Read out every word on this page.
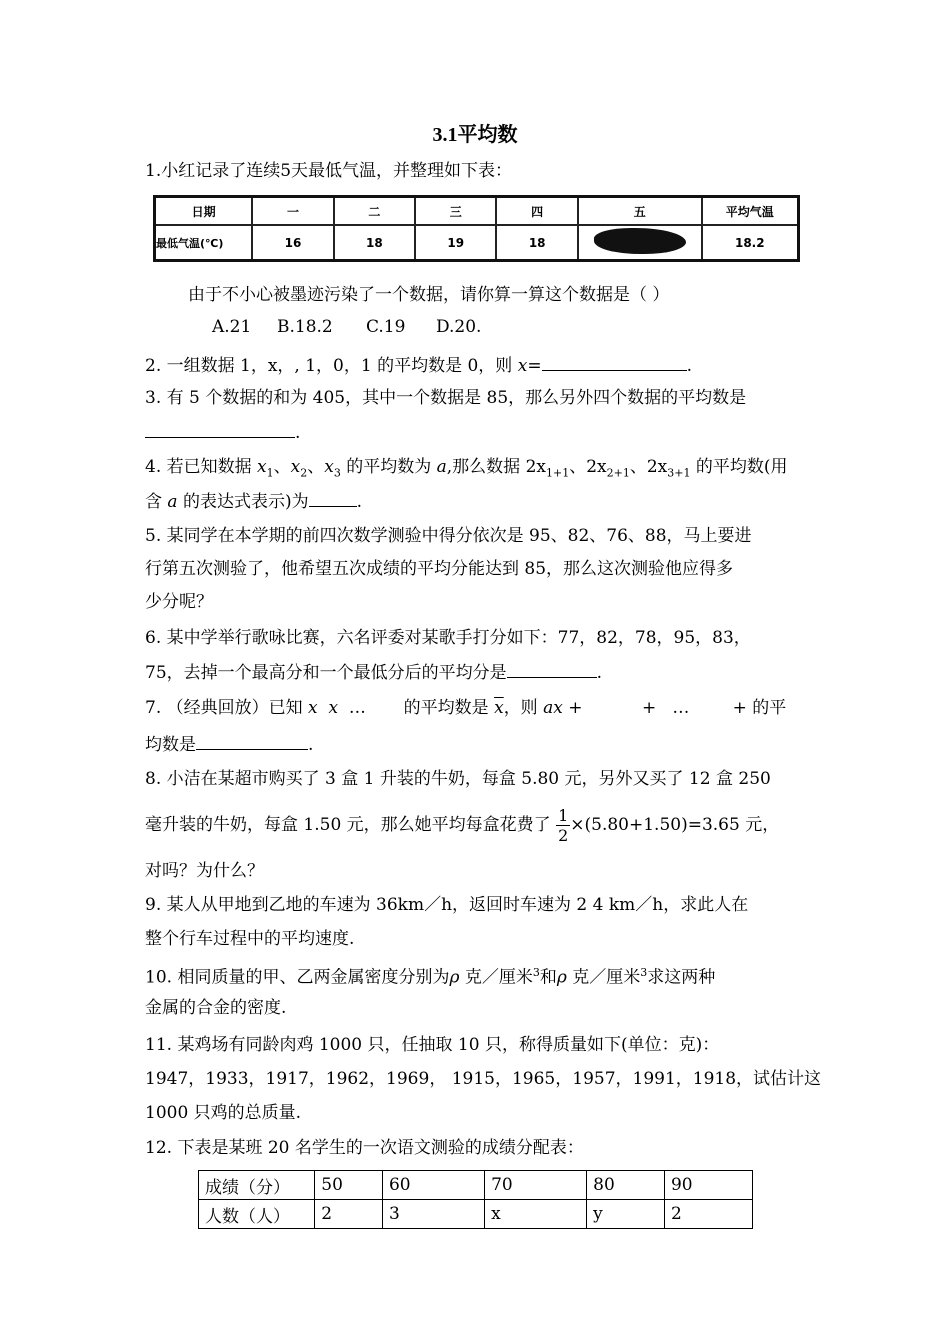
3.1平均数
1.小红记录了连续5天最低气温，并整理如下表：
日期	一	二	三	四	五	平均气温
最低气温(℃)	16	18	19	18		18.2
由于不小心被墨迹污染了一个数据，请你算一算这个数据是（ ）
A.21 B.18.2 C.19 D.20.
2. 一组数据 1，x，, 1，0，1 的平均数是 0，则 x=	.
3. 有 5 个数据的和为 405，其中一个数据是 85，那么另外四个数据的平均数是
.
4. 若已知数据 $x_1$、$x_2$、$x_3$ 的平均数为 a,那么数据 $2x_{1+1}$、$2x_{2+1}$、$2x_{3+1}$ 的平均数(用
含 a 的表达式表示)为	.
5. 某同学在本学期的前四次数学测验中得分依次是 95、82、76、88，马上要进
行第五次测验了，他希望五次成绩的平均分能达到 85，那么这次测验他应得多
少分呢？
6. 某中学举行歌咏比赛，六名评委对某歌手打分如下：77，82，78，95，83，
75，去掉一个最高分和一个最低分后的平均分是	.
7. （经典回放）已知 x x …       的平均数是 $\overline{x}$，则 ax +	+ …	+ 的平
均数是	.
8. 小洁在某超市购买了 3 盒 1 升装的牛奶，每盒 5.80 元，另外又买了 12 盒 250
毫升装的牛奶，每盒 1.50 元，那么她平均每盒花费了 $\frac{1}{2} \times(5.80+1.50)=3.65$ 元，
对吗？为什么？
9. 某人从甲地到乙地的车速为 36km／h，返回时车速为 2 4 km／h，求此人在
整个行车过程中的平均速度.
10. 相同质量的甲、乙两金属密度分别为ρ 克／厘米$^3$和ρ 克／厘米$^3$求这两种
金属的合金的密度.
11. 某鸡场有同龄肉鸡 1000 只，任抽取 10 只，称得质量如下(单位：克)：
1947，1933，1917，1962，1969， 1915，1965，1957，1991，1918，试估计这
1000 只鸡的总质量.
12. 下表是某班 20 名学生的一次语文测验的成绩分配表：
成绩（分）	50	60	70	80	90
人数（人）	2	3	x	y	2
